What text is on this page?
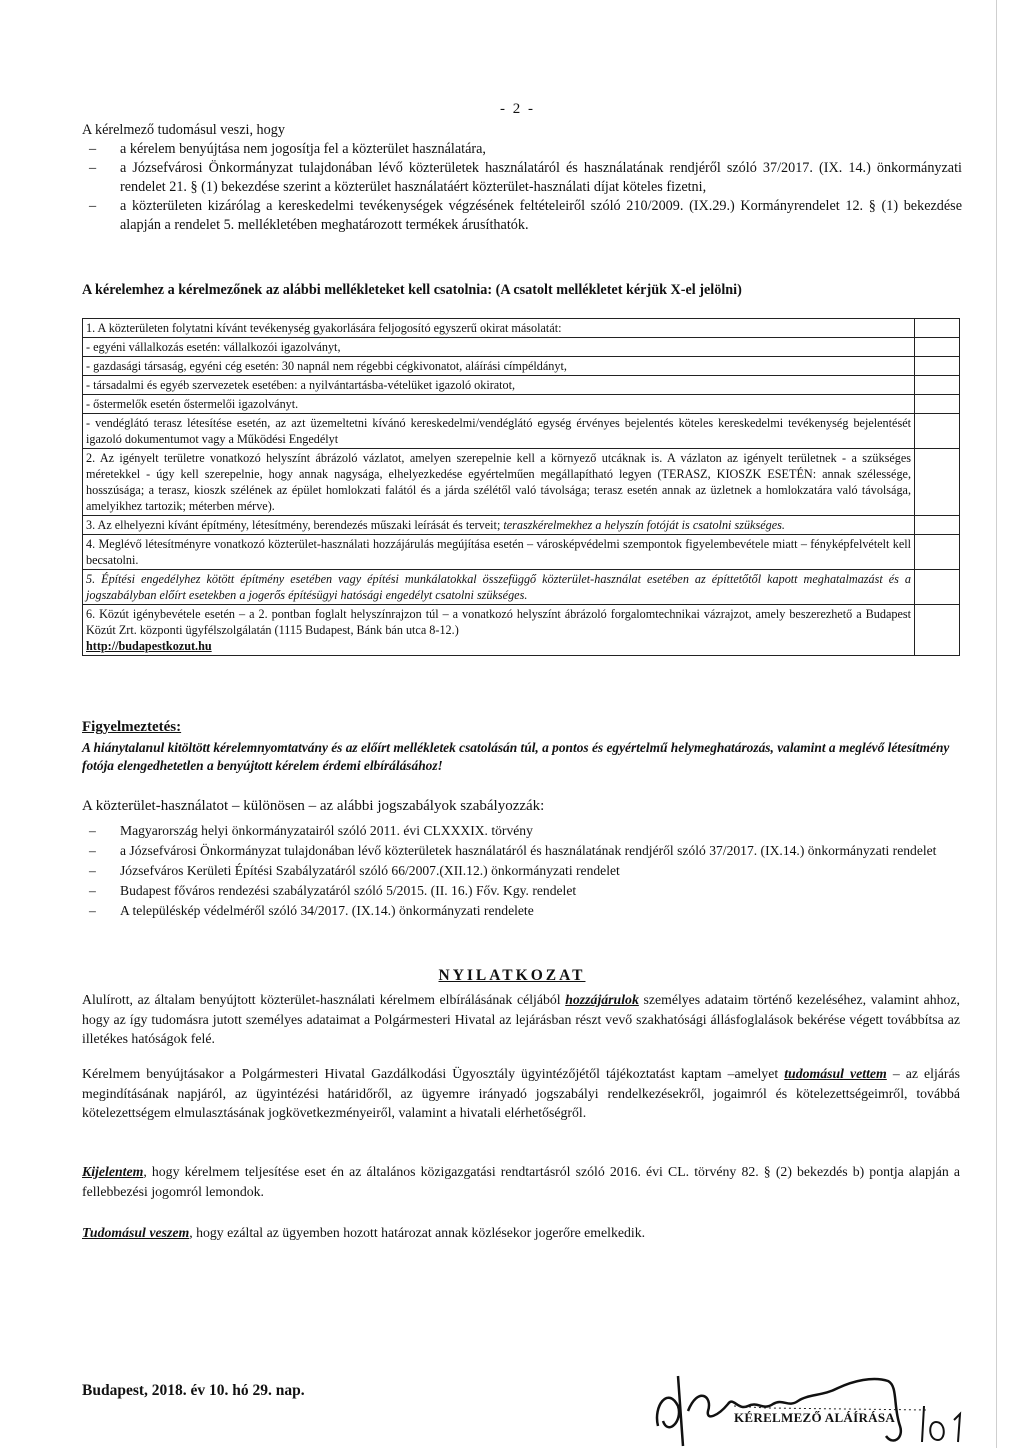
- 2 -
A kérelmező tudomásul veszi, hogy
– a kérelem benyújtása nem jogosítja fel a közterület használatára,
– a Józsefvárosi Önkormányzat tulajdonában lévő közterületek használatáról és használatának rendjéről szóló 37/2017. (IX. 14.) önkormányzati rendelet 21. § (1) bekezdése szerint a közterület használatáért közterület-használati díjat köteles fizetni,
– a közterületen kizárólag a kereskedelmi tevékenységek végzésének feltételeiről szóló 210/2009. (IX.29.) Kormányrendelet 12. § (1) bekezdése alapján a rendelet 5. mellékletében meghatározott termékek árusíthatók.
A kérelemhez a kérelmezőnek az alábbi mellékleteket kell csatolnia: (A csatolt mellékletet kérjük X-el jelölni)
1. A közterületen folytatni kívánt tevékenység gyakorlására feljogosító egyszerű okirat másolatát:	
- egyéni vállalkozás esetén: vállalkozói igazolványt,	
- gazdasági társaság, egyéni cég esetén: 30 napnál nem régebbi cégkivonatot, aláírási címpéldányt,	
- társadalmi és egyéb szervezetek esetében: a nyilvántartásba-vételüket igazoló okiratot,	
- őstermelők esetén őstermelői igazolványt.	
- vendéglátó terasz létesítése esetén, az azt üzemeltetni kívánó kereskedelmi/vendéglátó egység érvényes bejelentés köteles kereskedelmi tevékenység bejelentését igazoló dokumentumot vagy a Működési Engedélyt	
2. Az igényelt területre vonatkozó helyszínt ábrázoló vázlatot, amelyen szerepelnie kell a környező utcáknak is. A vázlaton az igényelt területnek - a szükséges méretekkel - úgy kell szerepelnie, hogy annak nagysága, elhelyezkedése egyértelműen megállapítható legyen (TERASZ, KIOSZK ESETÉN: annak szélessége, hosszúsága; a terasz, kioszk szélének az épület homlokzati falától és a járda szélétől való távolsága; terasz esetén annak az üzletnek a homlokzatára való távolsága, amelyikhez tartozik; méterben mérve).	
3. Az elhelyezni kívánt építmény, létesítmény, berendezés műszaki leírását és terveit; teraszkérelmekhez a helyszín fotóját is csatolni szükséges.	
4. Meglévő létesítményre vonatkozó közterület-használati hozzájárulás megújítása esetén – városképvédelmi szempontok figyelembevétele miatt – fényképfelvételt kell becsatolni.	
5. Építési engedélyhez kötött építmény esetében vagy építési munkálatokkal összefüggő közterület-használat esetében az építtetőtől kapott meghatalmazást és a jogszabályban előírt esetekben a jogerős építésügyi hatósági engedélyt csatolni szükséges.	
6. Közút igénybevétele esetén – a 2. pontban foglalt helyszínrajzon túl – a vonatkozó helyszínt ábrázoló forgalomtechnikai vázrajzot, amely beszerezhető a Budapest Közút Zrt. központi ügyfélszolgálatán (1115 Budapest, Bánk bán utca 8-12.)
http://budapestkozut.hu	
Figyelmeztetés:
A hiánytalanul kitöltött kérelemnyomtatvány és az előírt mellékletek csatolásán túl, a pontos és egyértelmű helymeghatározás, valamint a meglévő létesítmény fotója elengedhetetlen a benyújtott kérelem érdemi elbírálásához!
A közterület-használatot – különösen – az alábbi jogszabályok szabályozzák:
– Magyarország helyi önkormányzatairól szóló 2011. évi CLXXXIX. törvény
– a Józsefvárosi Önkormányzat tulajdonában lévő közterületek használatáról és használatának rendjéről szóló 37/2017. (IX.14.) önkormányzati rendelet
– Józsefváros Kerületi Építési Szabályzatáról szóló 66/2007.(XII.12.) önkormányzati rendelet
– Budapest főváros rendezési szabályzatáról szóló 5/2015. (II. 16.) Főv. Kgy. rendelet
– A településkép védelméről szóló 34/2017. (IX.14.) önkormányzati rendelete
NYILATKOZAT
Alulírott, az általam benyújtott közterület-használati kérelmem elbírálásának céljából hozzájárulok személyes adataim történő kezeléséhez, valamint ahhoz, hogy az így tudomásra jutott személyes adataimat a Polgármesteri Hivatal az lejárásban részt vevő szakhatósági állásfoglalások bekérése végett továbbítsa az illetékes hatóságok felé.
Kérelmem benyújtásakor a Polgármesteri Hivatal Gazdálkodási Ügyosztály ügyintézőjétől tájékoztatást kaptam –amelyet tudomásul vettem – az eljárás megindításának napjáról, az ügyintézési határidőről, az ügyemre irányadó jogszabályi rendelkezésekről, jogaimról és kötelezettségeimről, továbbá kötelezettségem elmulasztásának jogkövetkezményeiről, valamint a hivatali elérhetőségről.
Kijelentem, hogy kérelmem teljesítése eset én az általános közigazgatási rendtartásról szóló 2016. évi CL. törvény 82. § (2) bekezdés b) pontja alapján a fellebbezési jogomról lemondok.
Tudomásul veszem, hogy ezáltal az ügyemben hozott határozat annak közlésekor jogerőre emelkedik.
Budapest, 2018. év 10. hó 29. nap.
KÉRELMEZŐ ALÁÍRÁSA
